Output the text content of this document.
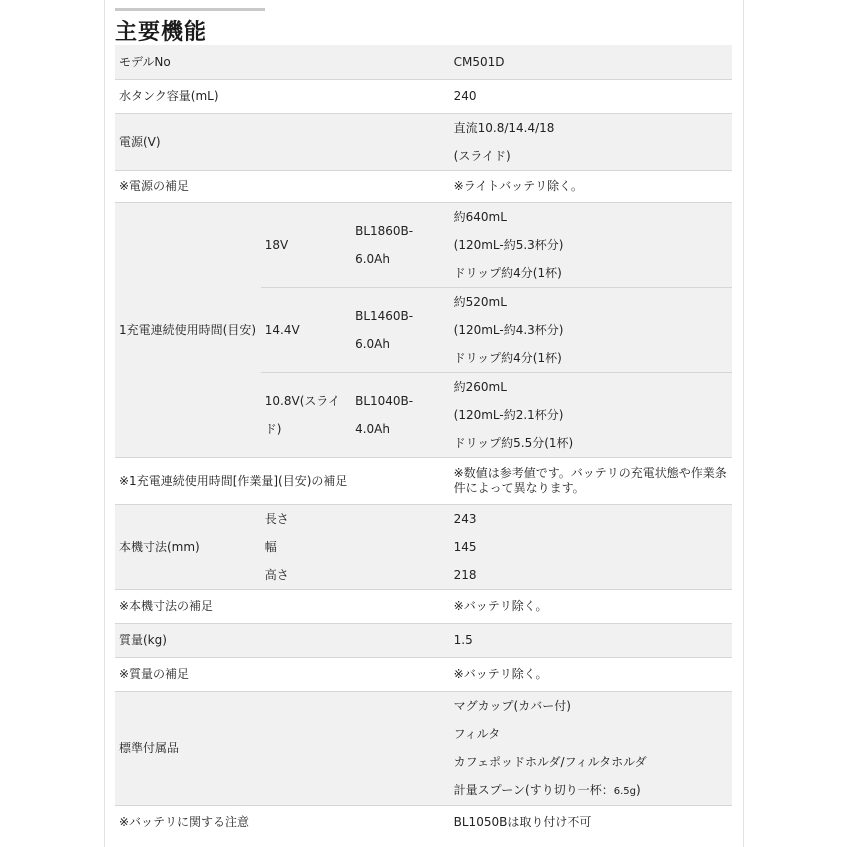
主要機能
モデルNo			CM501D
水タンク容量(mL)			240
電源(V)			直流10.8/14.4/18
(スライド)

※電源の補足			※ライトバッテリ除く。
1充電連続使用時間(目安)	18V	BL1860B-6.0Ah	約640mL
(120mL-約5.3杯分)
ドリップ約4分(1杯)

	14.4V	BL1460B-6.0Ah	約520mL
(120mL-約4.3杯分)
ドリップ約4分(1杯)

	10.8V(スライド)	BL1040B-4.0Ah	約260mL
(120mL-約2.1杯分)
ドリップ約5.5分(1杯)

※1充電連続使用時間[作業量](目安)の補足			※数値は参考値です。バッテリの充電状態や作業条件によって異なります。

本機寸法(mm)	長さ		243
	幅		145
	高さ		218
※本機寸法の補足			※バッテリ除く。
質量(kg)			1.5
※質量の補足			※バッテリ除く。
標準付属品			マグカップ(カバー付)
フィルタ
カフェポッドホルダ/フィルタホルダ
計量スプーン(すり切り一杯：6.5g)

※バッテリに関する注意			BL1050Bは取り付け不可
